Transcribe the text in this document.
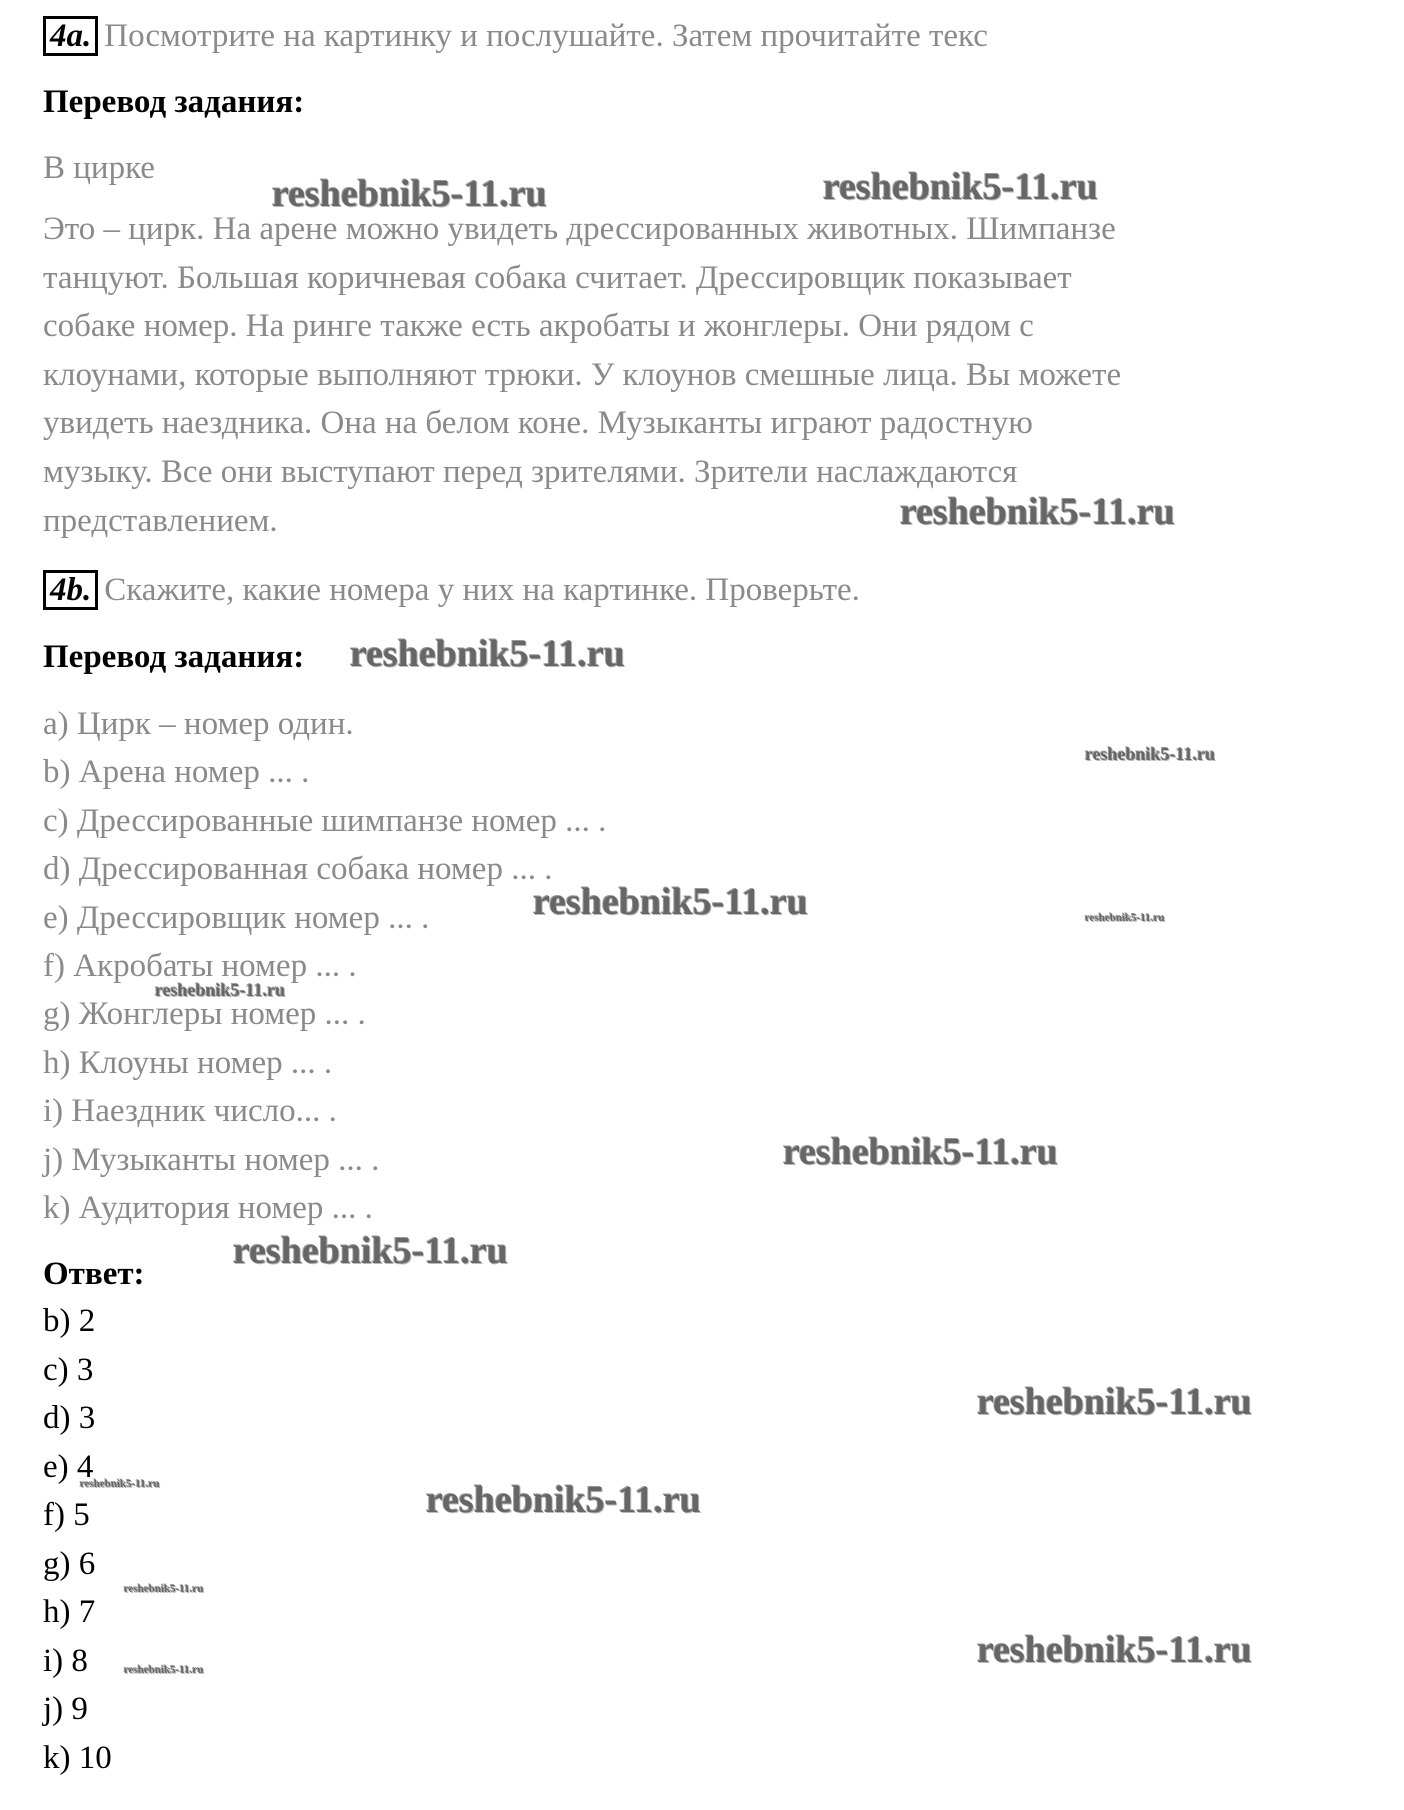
4a. Посмотрите на картинку и послушайте. Затем прочитайте текс
Перевод задания:
В цирке
Это – цирк. На арене можно увидеть дрессированных животных. Шимпанзе
танцуют. Большая коричневая собака считает. Дрессировщик показывает
собаке номер. На ринге также есть акробаты и жонглеры. Они рядом с
клоунами, которые выполняют трюки. У клоунов смешные лица. Вы можете
увидеть наездника. Она на белом коне. Музыканты играют радостную
музыку. Все они выступают перед зрителями. Зрители наслаждаются
представлением.
4b. Скажите, какие номера у них на картинке. Проверьте.
Перевод задания:
a) Цирк – номер один.
b) Арена номер ... .
c) Дрессированные шимпанзе номер ... .
d) Дрессированная собака номер ... .
e) Дрессировщик номер ... .
f) Акробаты номер ... .
g) Жонглеры номер ... .
h) Клоуны номер ... .
i) Наездник число... .
j) Музыканты номер ... .
k) Аудитория номер ... .
Ответ:
b) 2
c) 3
d) 3
e) 4
f) 5
g) 6
h) 7
i) 8
j) 9
k) 10
reshebnik5-11.ru	reshebnik5-11.ru
reshebnik5-11.ru
reshebnik5-11.ru
reshebnik5-11.ru
reshebnik5-11.ru	reshebnik5-11.ru
reshebnik5-11.ru
reshebnik5-11.ru
reshebnik5-11.ru
reshebnik5-11.ru
reshebnik5-11.ru	reshebnik5-11.ru
reshebnik5-11.ru
reshebnik5-11.ru
reshebnik5-11.ru
